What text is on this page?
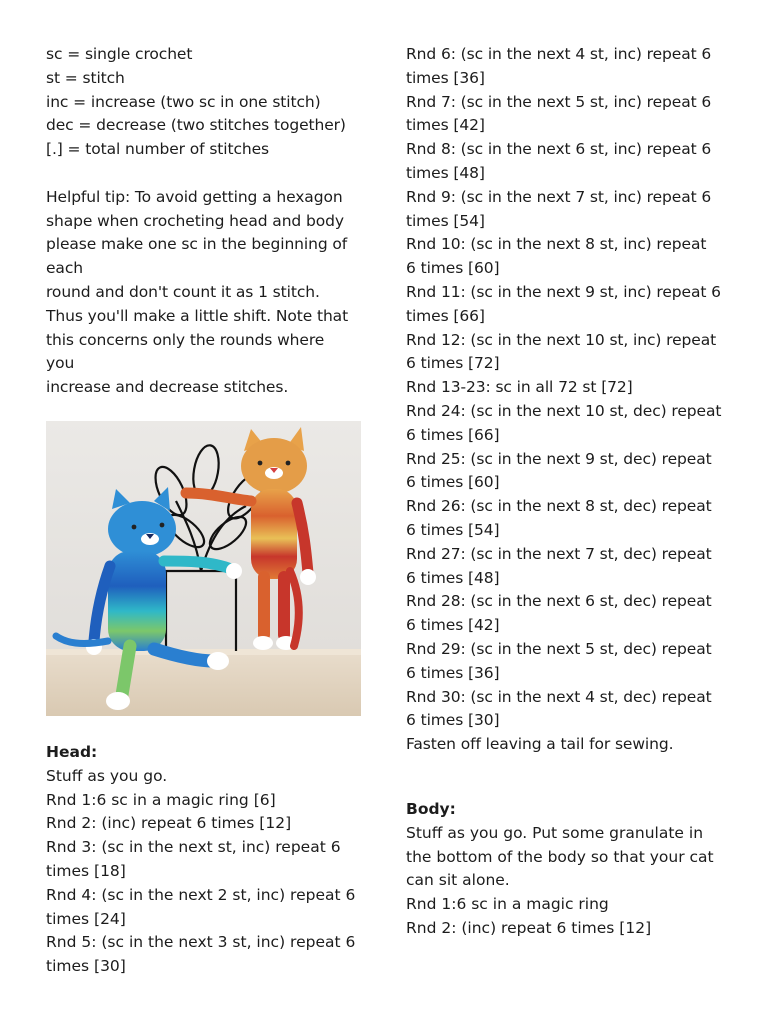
sc = single crochet
st = stitch
inc = increase (two sc in one stitch)
dec = decrease (two stitches together)
[.] = total number of stitches
Helpful tip: To avoid getting a hexagon
shape when crocheting head and body
please make one sc in the beginning of
each
round and don't count it as 1 stitch.
Thus you'll make a little shift. Note that
this concerns only the rounds where
you
increase and decrease stitches.
Head:
Stuff as you go.
Rnd 1:6 sc in a magic ring [6]
Rnd 2: (inc) repeat 6 times [12]
Rnd 3: (sc in the next st, inc) repeat 6
times [18]
Rnd 4: (sc in the next 2 st, inc) repeat 6
times [24]
Rnd 5: (sc in the next 3 st, inc) repeat 6
times [30]
Rnd 6: (sc in the next 4 st, inc) repeat 6
times [36]
Rnd 7: (sc in the next 5 st, inc) repeat 6
times [42]
Rnd 8: (sc in the next 6 st, inc) repeat 6
times [48]
Rnd 9: (sc in the next 7 st, inc) repeat 6
times [54]
Rnd 10: (sc in the next 8 st, inc) repeat
6 times [60]
Rnd 11: (sc in the next 9 st, inc) repeat 6
times [66]
Rnd 12: (sc in the next 10 st, inc) repeat
6 times [72]
Rnd 13-23: sc in all 72 st [72]
Rnd 24: (sc in the next 10 st, dec) repeat
6 times [66]
Rnd 25: (sc in the next 9 st, dec) repeat
6 times [60]
Rnd 26: (sc in the next 8 st, dec) repeat
6 times [54]
Rnd 27: (sc in the next 7 st, dec) repeat
6 times [48]
Rnd 28: (sc in the next 6 st, dec) repeat
6 times [42]
Rnd 29: (sc in the next 5 st, dec) repeat
6 times [36]
Rnd 30: (sc in the next 4 st, dec) repeat
6 times [30]
Fasten off leaving a tail for sewing.
Body:
Stuff as you go. Put some granulate in
the bottom of the body so that your cat
can sit alone.
Rnd 1:6 sc in a magic ring
Rnd 2: (inc) repeat 6 times [12]
